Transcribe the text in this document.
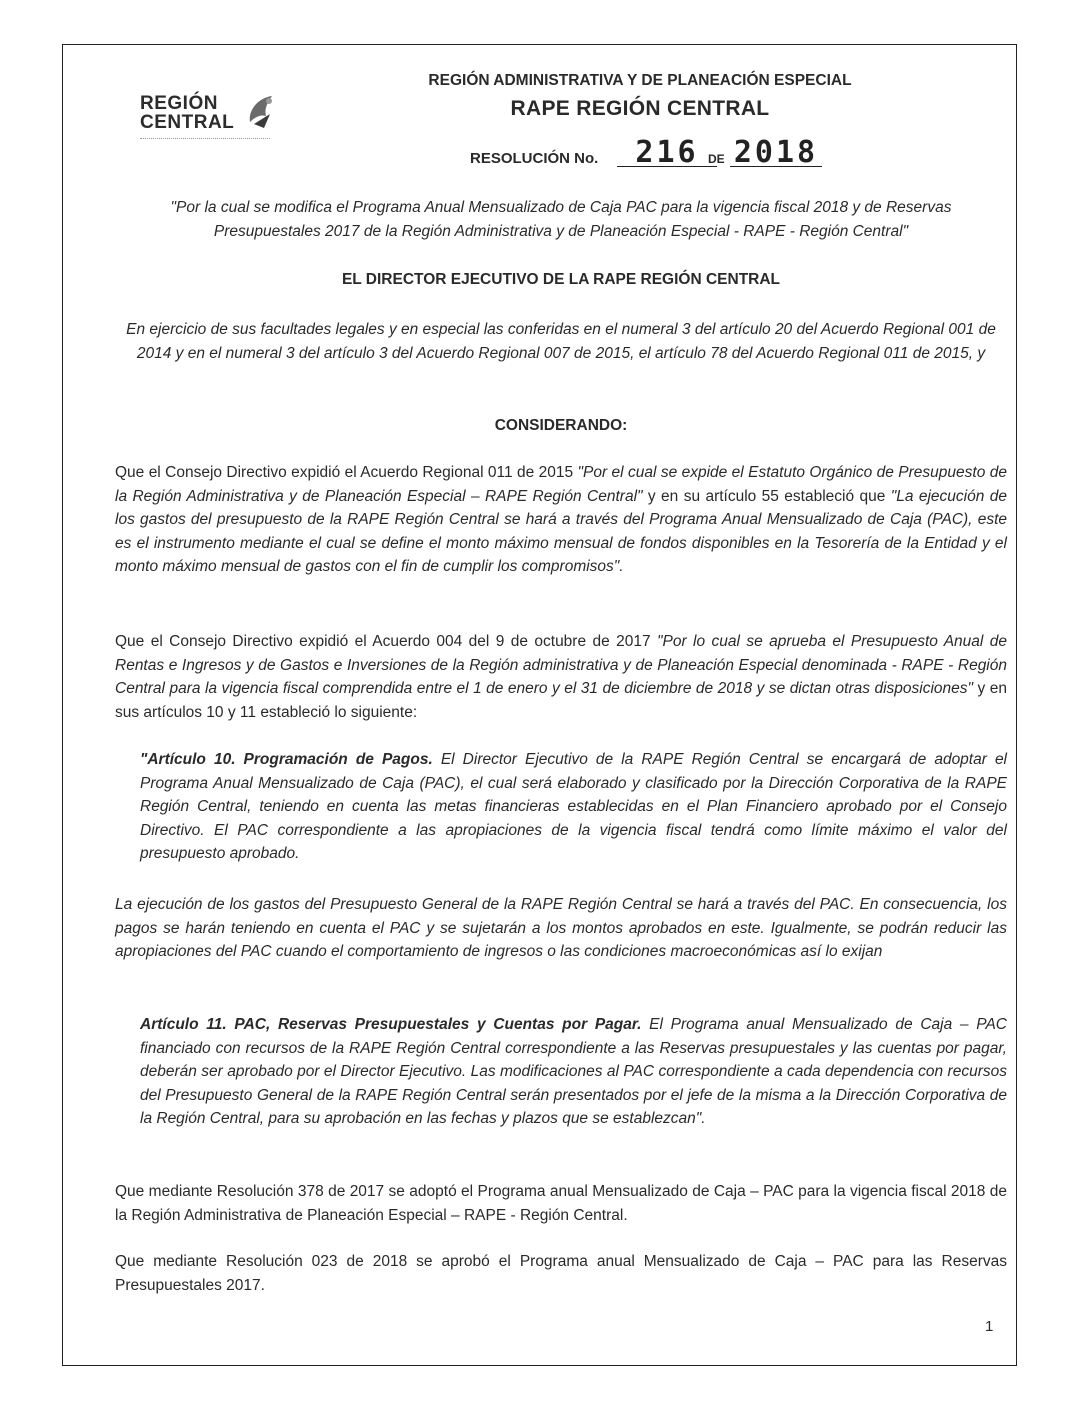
REGIÓN
CENTRAL
REGIÓN ADMINISTRATIVA Y DE PLANEACIÓN ESPECIAL
RAPE REGIÓN CENTRAL
RESOLUCIÓN No.	216 DE 2018
"Por la cual se modifica el Programa Anual Mensualizado de Caja PAC para la vigencia fiscal 2018 y de Reservas Presupuestales 2017 de la Región Administrativa y de Planeación Especial - RAPE - Región Central"
EL DIRECTOR EJECUTIVO DE LA RAPE REGIÓN CENTRAL
En ejercicio de sus facultades legales y en especial las conferidas en el numeral 3 del artículo 20 del Acuerdo Regional 001 de 2014 y en el numeral 3 del artículo 3 del Acuerdo Regional 007 de 2015, el artículo 78 del Acuerdo Regional 011 de 2015, y
CONSIDERANDO:
Que el Consejo Directivo expidió el Acuerdo Regional 011 de 2015 "Por el cual se expide el Estatuto Orgánico de Presupuesto de la Región Administrativa y de Planeación Especial – RAPE Región Central" y en su artículo 55 estableció que "La ejecución de los gastos del presupuesto de la RAPE Región Central se hará a través del Programa Anual Mensualizado de Caja (PAC), este es el instrumento mediante el cual se define el monto máximo mensual de fondos disponibles en la Tesorería de la Entidad y el monto máximo mensual de gastos con el fin de cumplir los compromisos".
Que el Consejo Directivo expidió el Acuerdo 004 del 9 de octubre de 2017 "Por lo cual se aprueba el Presupuesto Anual de Rentas e Ingresos y de Gastos e Inversiones de la Región administrativa y de Planeación Especial denominada - RAPE - Región Central para la vigencia fiscal comprendida entre el 1 de enero y el 31 de diciembre de 2018 y se dictan otras disposiciones" y en sus artículos 10 y 11 estableció lo siguiente:
"Artículo 10. Programación de Pagos. El Director Ejecutivo de la RAPE Región Central se encargará de adoptar el Programa Anual Mensualizado de Caja (PAC), el cual será elaborado y clasificado por la Dirección Corporativa de la RAPE Región Central, teniendo en cuenta las metas financieras establecidas en el Plan Financiero aprobado por el Consejo Directivo. El PAC correspondiente a las apropiaciones de la vigencia fiscal tendrá como límite máximo el valor del presupuesto aprobado.
La ejecución de los gastos del Presupuesto General de la RAPE Región Central se hará a través del PAC. En consecuencia, los pagos se harán teniendo en cuenta el PAC y se sujetarán a los montos aprobados en este. Igualmente, se podrán reducir las apropiaciones del PAC cuando el comportamiento de ingresos o las condiciones macroeconómicas así lo exijan
Artículo 11. PAC, Reservas Presupuestales y Cuentas por Pagar. El Programa anual Mensualizado de Caja – PAC financiado con recursos de la RAPE Región Central correspondiente a las Reservas presupuestales y las cuentas por pagar, deberán ser aprobado por el Director Ejecutivo. Las modificaciones al PAC correspondiente a cada dependencia con recursos del Presupuesto General de la RAPE Región Central serán presentados por el jefe de la misma a la Dirección Corporativa de la Región Central, para su aprobación en las fechas y plazos que se establezcan".
Que mediante Resolución 378 de 2017 se adoptó el Programa anual Mensualizado de Caja – PAC para la vigencia fiscal 2018 de la Región Administrativa de Planeación Especial – RAPE - Región Central.
Que mediante Resolución 023 de 2018 se aprobó el Programa anual Mensualizado de Caja – PAC para las Reservas Presupuestales 2017.
1
